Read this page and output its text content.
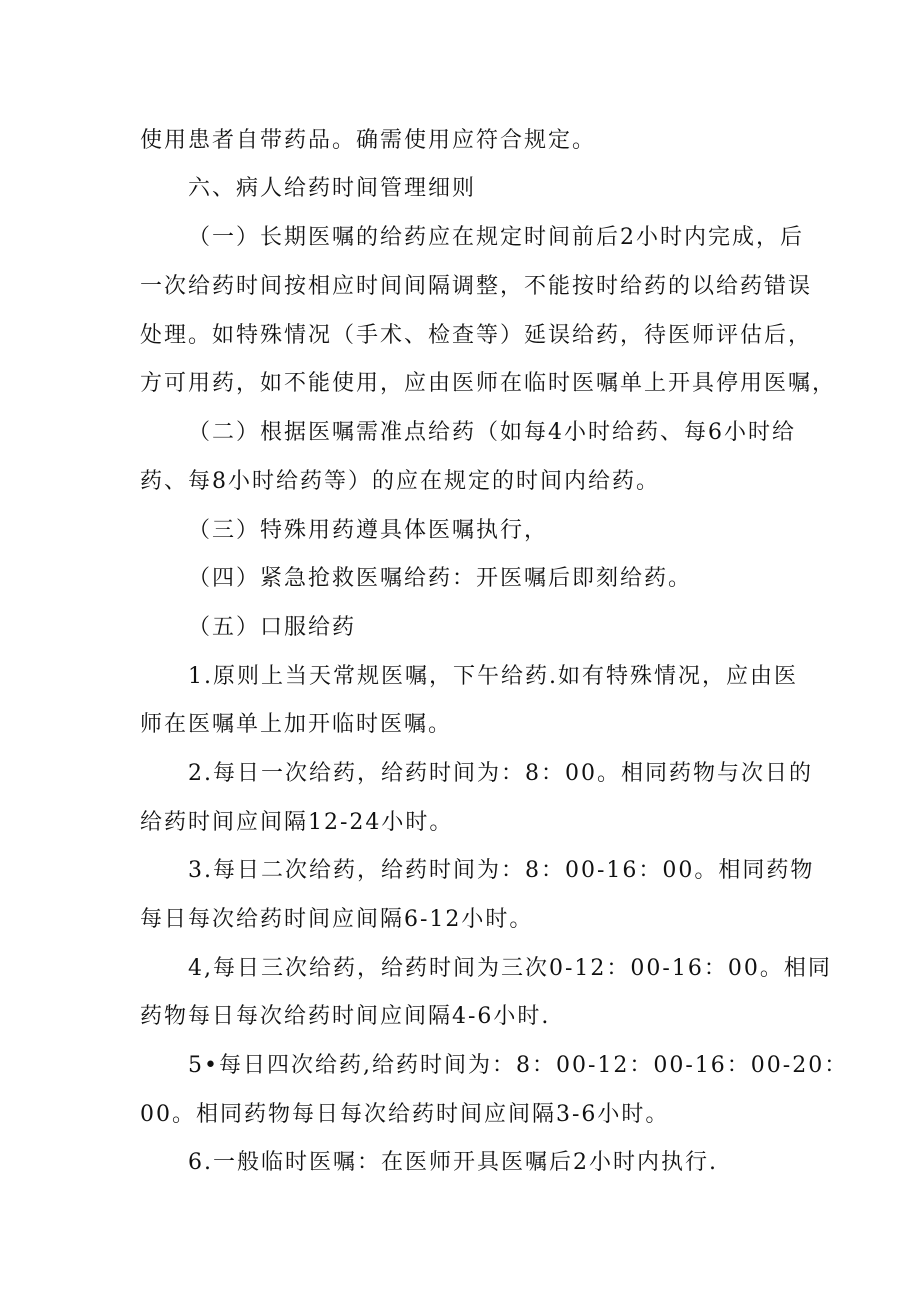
使用患者自带药品。确需使用应符合规定。
六、病人给药时间管理细则
（一）长期医嘱的给药应在规定时间前后2小时内完成，后
一次给药时间按相应时间间隔调整，不能按时给药的以给药错误
处理。如特殊情况（手术、检查等）延误给药，待医师评估后，
方可用药，如不能使用，应由医师在临时医嘱单上开具停用医嘱，
（二）根据医嘱需准点给药（如每4小时给药、每6小时给
药、每8小时给药等）的应在规定的时间内给药。
（三）特殊用药遵具体医嘱执行，
（四）紧急抢救医嘱给药：开医嘱后即刻给药。
（五）口服给药
1.原则上当天常规医嘱，下午给药.如有特殊情况，应由医
师在医嘱单上加开临时医嘱。
2.每日一次给药，给药时间为：8：00。相同药物与次日的
给药时间应间隔12-24小时。
3.每日二次给药，给药时间为：8：00-16：00。相同药物
每日每次给药时间应间隔6-12小时。
4,每日三次给药，给药时间为三次0-12：00-16：00。相同
药物每日每次给药时间应间隔4-6小时.
5•每日四次给药,给药时间为：8：00-12：00-16：00-20：
00。相同药物每日每次给药时间应间隔3-6小时。
6.一般临时医嘱：在医师开具医嘱后2小时内执行.
